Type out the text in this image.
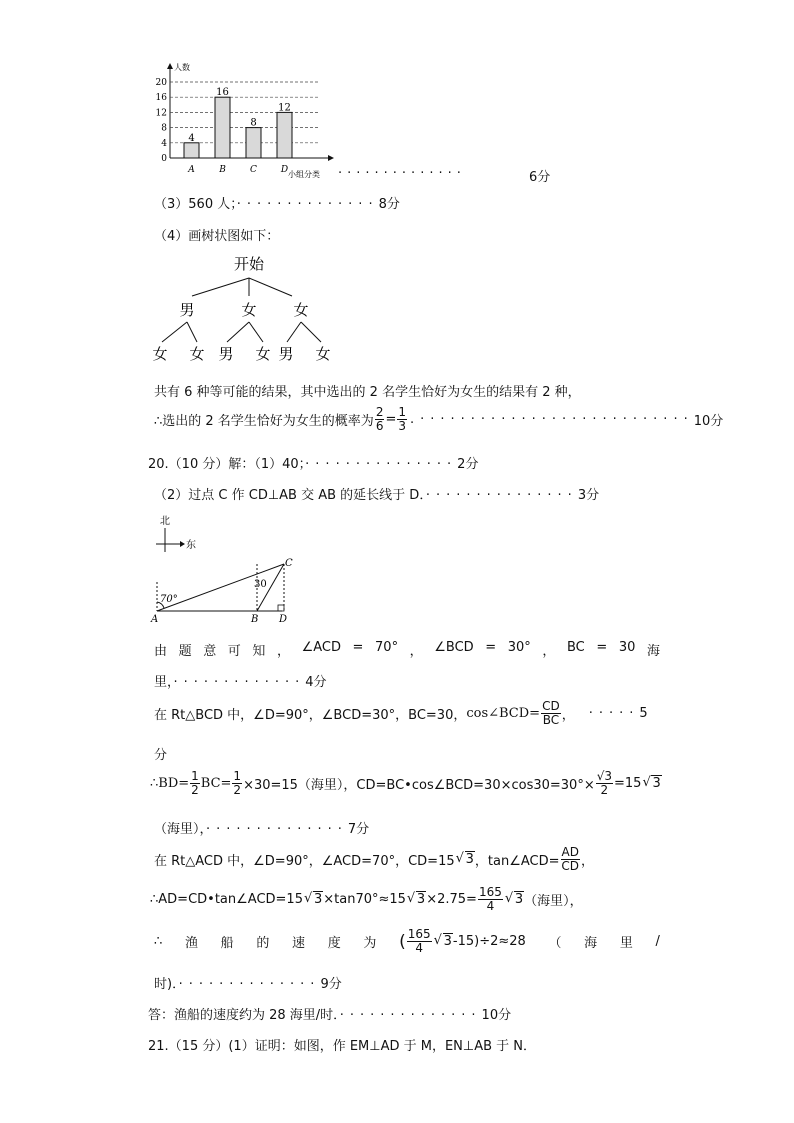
人数
20
16
12
8
4
0
4
A
16
B
8
C
12
D 小组分类 ··············	6分
（3）560 人；··············8分
（4）画树状图如下：
开始
男	女 女
女 女 男 女 男 女
共有 6 种等可能的结果，其中选出的 2 名学生恰好为女生的结果有 2 种，
∴选出的 2 名学生恰好为女生的概率为 $\frac{2}{6} = \frac{1}{3}$ .··························· 10分
20.（10 分）解：（1）40；···············2分
（2）过点 C 作 CD⊥AB 交 AB 的延长线于 D．···············3分
北
东
70°
30
C
A	B D
由 题 意 可 知 ， ∠ACD = 70° ， ∠BCD = 30° ， BC = 30 海
里，·············4分
在 Rt△BCD 中，∠D=90°，∠BCD=30°，BC=30， cos∠BCD= $\frac{CD}{BC}$ ， ····· 5
分
∴BD= $\frac{1}{2} BC= \frac{1}{2} \times 30=15$（海里），CD=BC•cos∠BCD=30×cos30=30°× $\frac{√3}{2} =15$ √ 3
（海里），··············7分
在 Rt△ACD 中，∠D=90°，∠ACD=70°，CD=15 √ 3 ，tan∠ACD= $\frac{AD}{CD}$ ，
∴AD=CD•tan∠ACD=15 √ 3 ×tan70°≈15 √ $3 \times 2.75= \frac{165}{4}$ √ 3 （海里），
∴ 渔 船 的 速 度 为 ( $\frac{165}{4}$ √ 3 -15)÷2≈28 （ 海 里 /
时)．··············9分
答：渔船的速度约为 28 海里/时．··············10分
21.（15 分）(1）证明：如图，作 EM⊥AD 于 M，EN⊥AB 于 N．
